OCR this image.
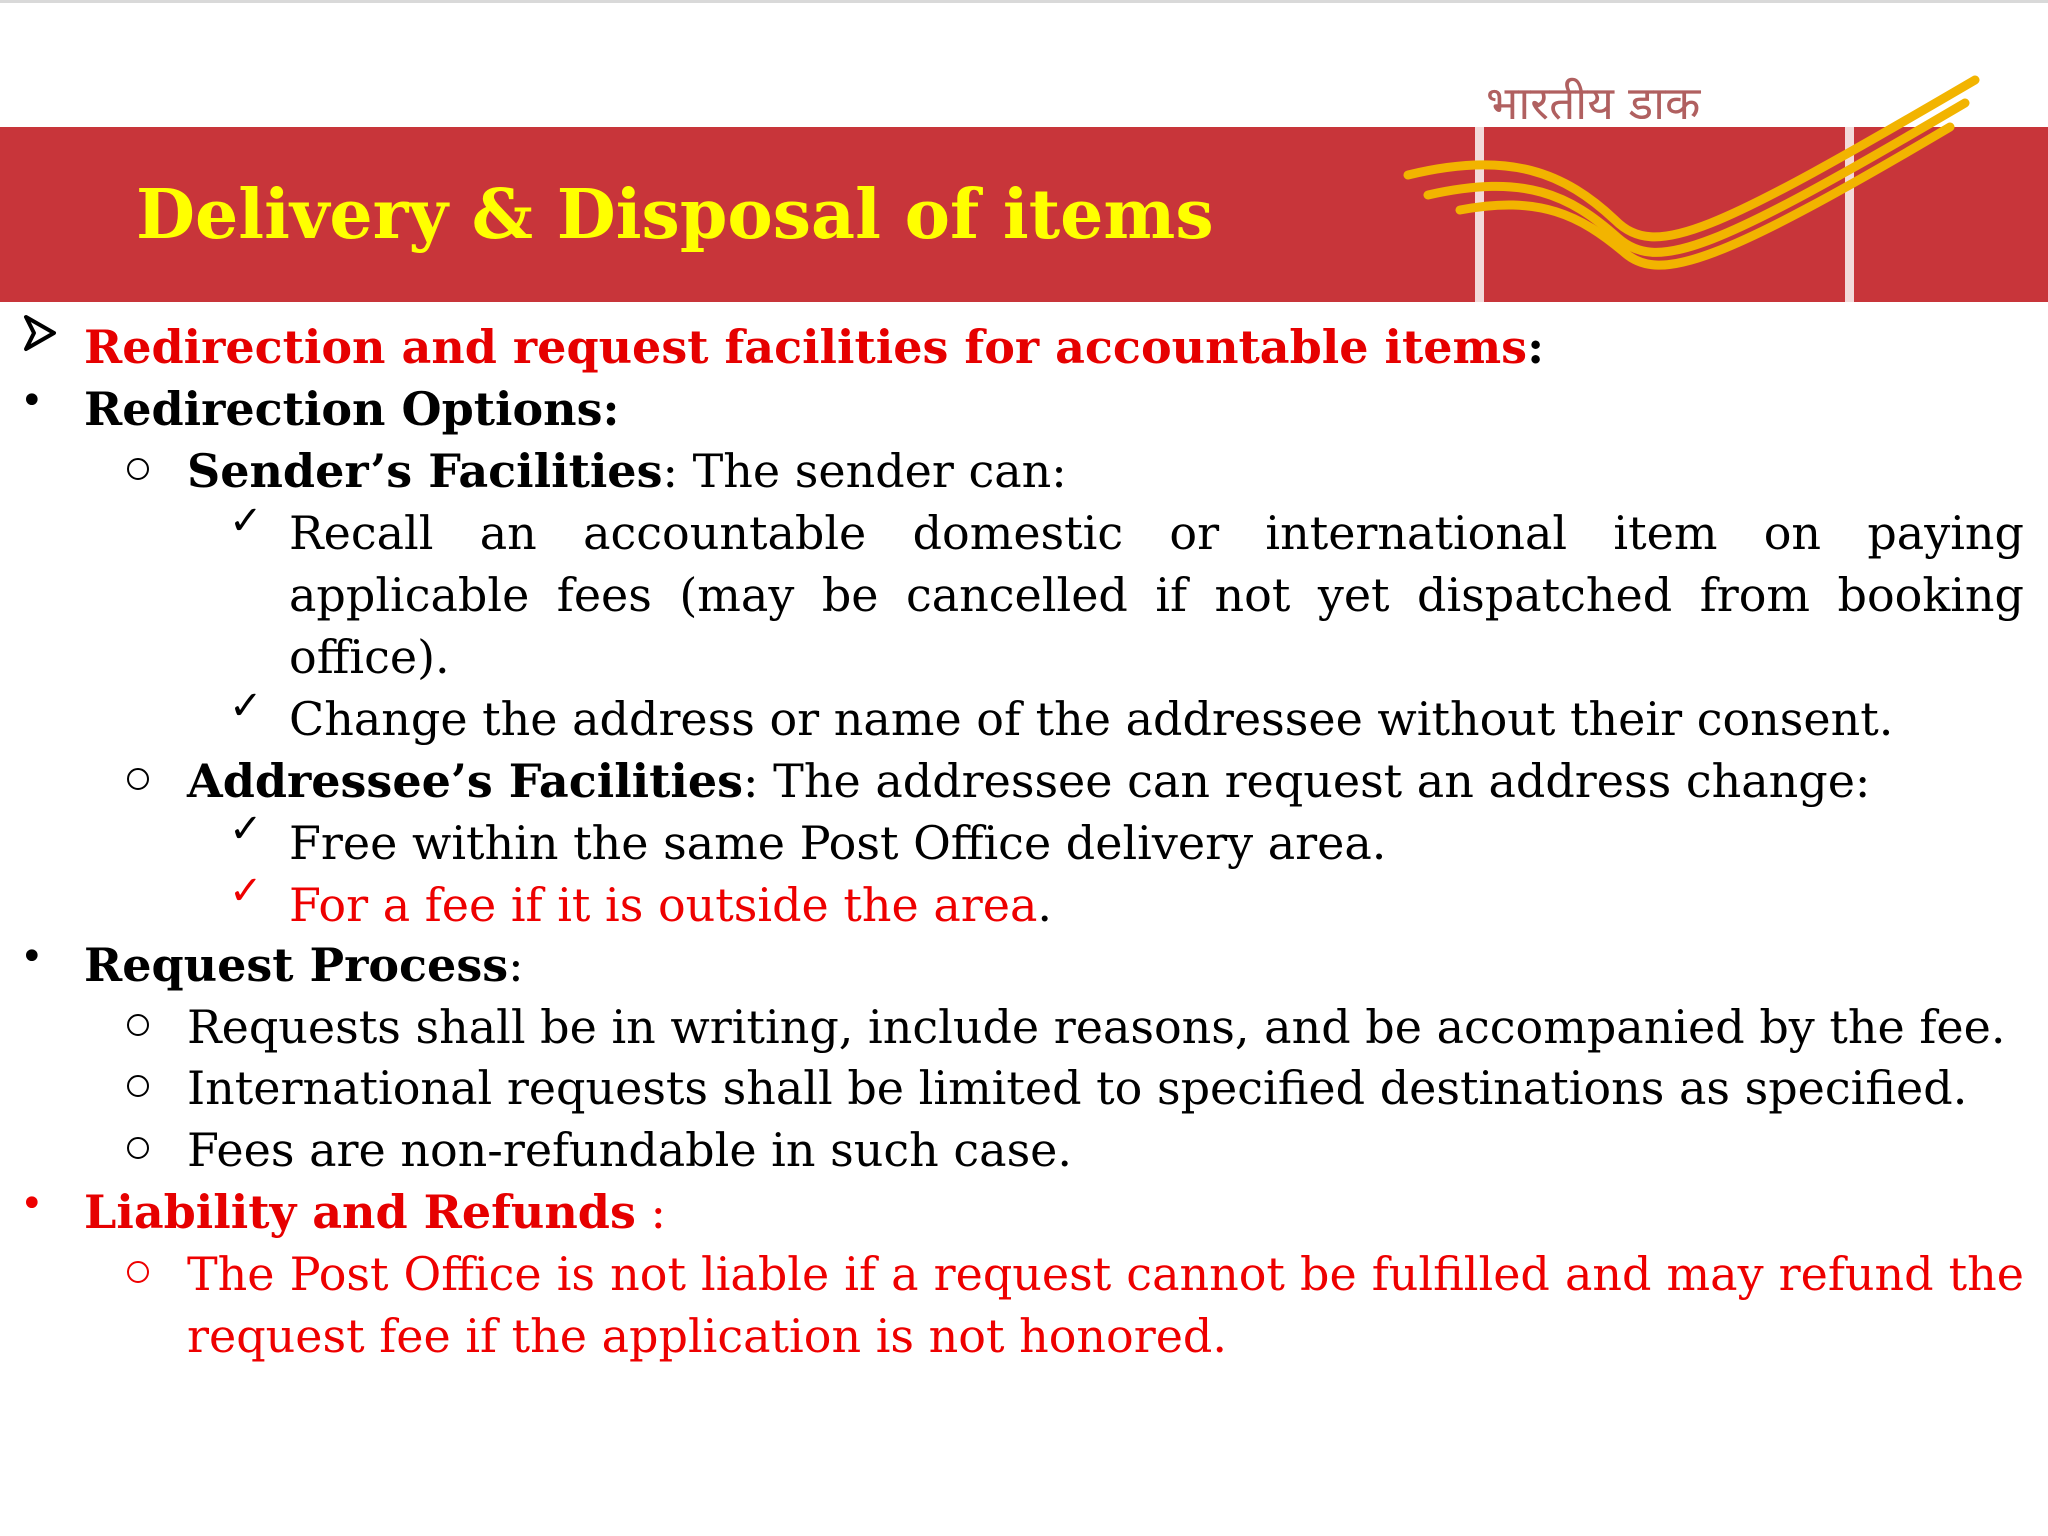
Delivery & Disposal of items
भारतीय डाक
Redirection and request facilities for accountable items:
• Redirection Options:
Sender’s Facilities: The sender can:
✓ Recall an accountable domestic or international item on paying
applicable fees (may be cancelled if not yet dispatched from booking
office).
✓ Change the address or name of the addressee without their consent.
Addressee’s Facilities: The addressee can request an address change:
✓ Free within the same Post Office delivery area.
✓ For a fee if it is outside the area.
• Request Process:
Requests shall be in writing, include reasons, and be accompanied by the fee.
International requests shall be limited to specified destinations as specified.
Fees are non-refundable in such case.
• Liability and Refunds :
The Post Office is not liable if a request cannot be fulfilled and may refund the
request fee if the application is not honored.
